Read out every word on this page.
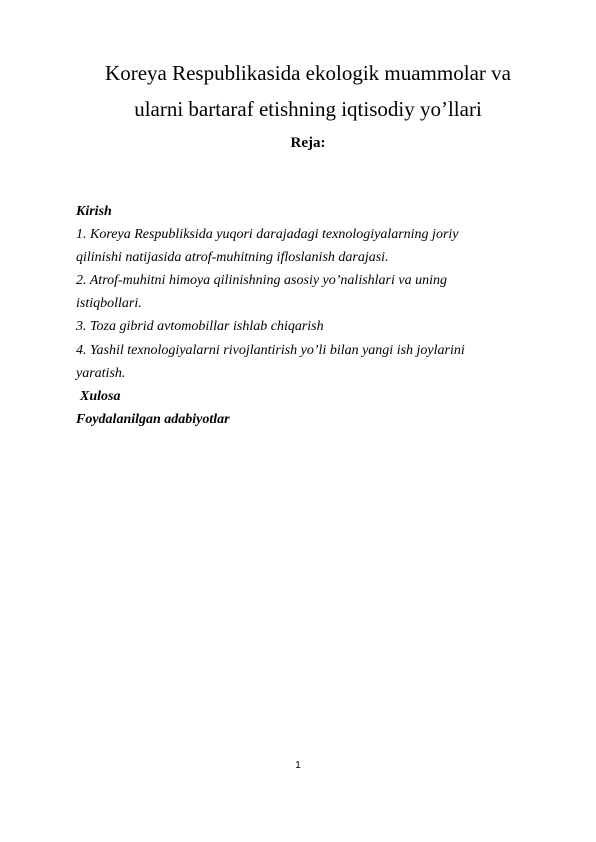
Koreya Respublikasida ekologik muammolar va
ularni bartaraf etishning iqtisodiy yo’llari
Reja:
Kirish
1. Koreya Respubliksida yuqori darajadagi texnologiyalarning joriy
qilinishi natijasida atrof-muhitning ifloslanish darajasi.
2. Atrof-muhitni himoya qilinishning asosiy yo’nalishlari va uning
istiqbollari.
3. Toza gibrid avtomobillar ishlab chiqarish
4. Yashil texnologiyalarni rivojlantirish yo’li bilan yangi ish joylarini
yaratish.
Xulosa
Foydalanilgan adabiyotlar
1
